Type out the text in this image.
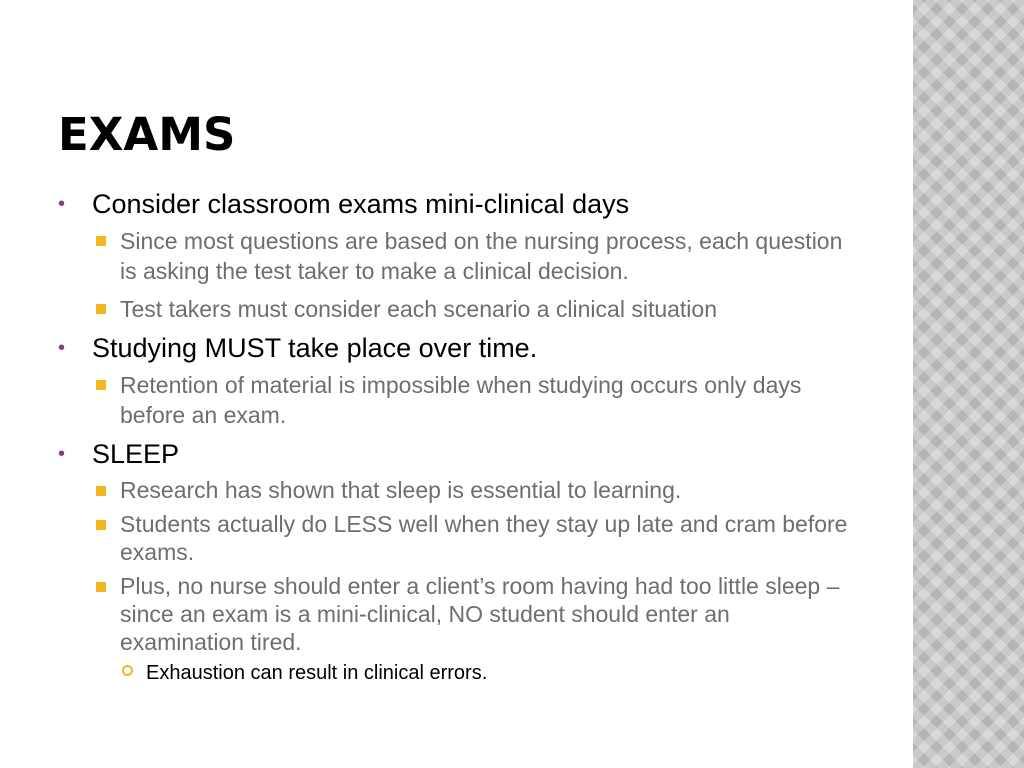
EXAMS
• Consider classroom exams mini-clinical days
Since most questions are based on the nursing process, each question is asking the test taker to make a clinical decision.
Test takers must consider each scenario a clinical situation
• Studying MUST take place over time.
Retention of material is impossible when studying occurs only days before an exam.
• SLEEP
Research has shown that sleep is essential to learning.
Students actually do LESS well when they stay up late and cram before exams.
Plus, no nurse should enter a client’s room having had too little sleep – since an exam is a mini-clinical, NO student should enter an examination tired.
Exhaustion can result in clinical errors.
